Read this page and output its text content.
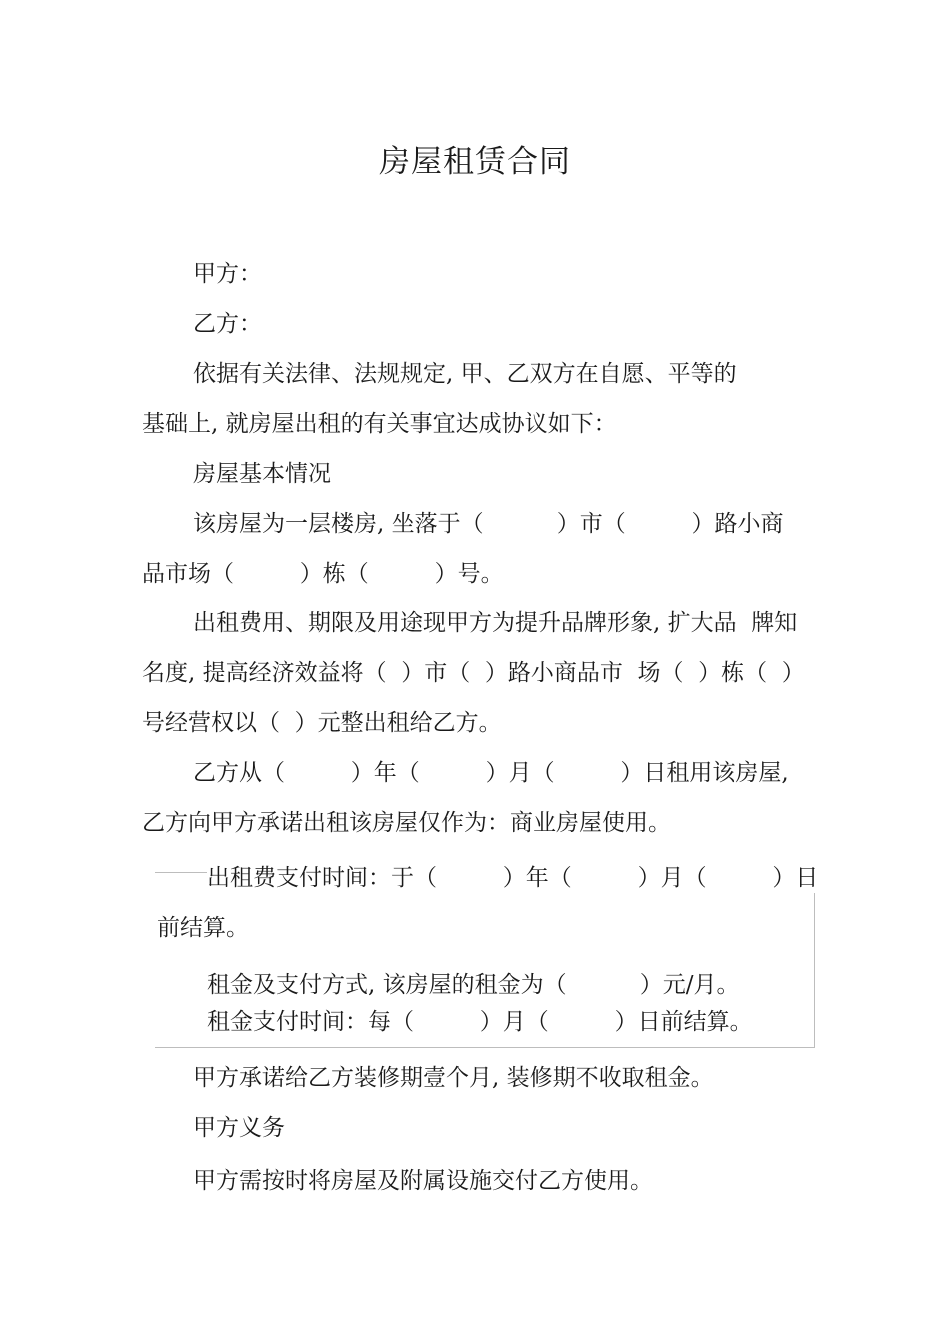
房屋租赁合同
甲方：
乙方：
依据有关法律、法规规定, 甲、乙双方在自愿、平等的
基础上, 就房屋出租的有关事宜达成协议如下：
房屋基本情况
该房屋为一层楼房, 坐落于（          ）市（         ）路小商
品市场（         ）栋（         ）号。
出租费用、期限及用途现甲方为提升品牌形象, 扩大品  牌知
名度, 提高经济效益将（  ）市（  ）路小商品市  场（  ）栋（  ）
号经营权以（  ）元整出租给乙方。
乙方从（         ）年（         ）月（         ）日租用该房屋,
乙方向甲方承诺出租该房屋仅作为：商业房屋使用。
出租费支付时间：于（         ）年（         ）月（         ）日
前结算。
租金及支付方式, 该房屋的租金为（          ）元/月。
租金支付时间：每（         ）月（         ）日前结算。
甲方承诺给乙方装修期壹个月, 装修期不收取租金。
甲方义务
甲方需按时将房屋及附属设施交付乙方使用。
